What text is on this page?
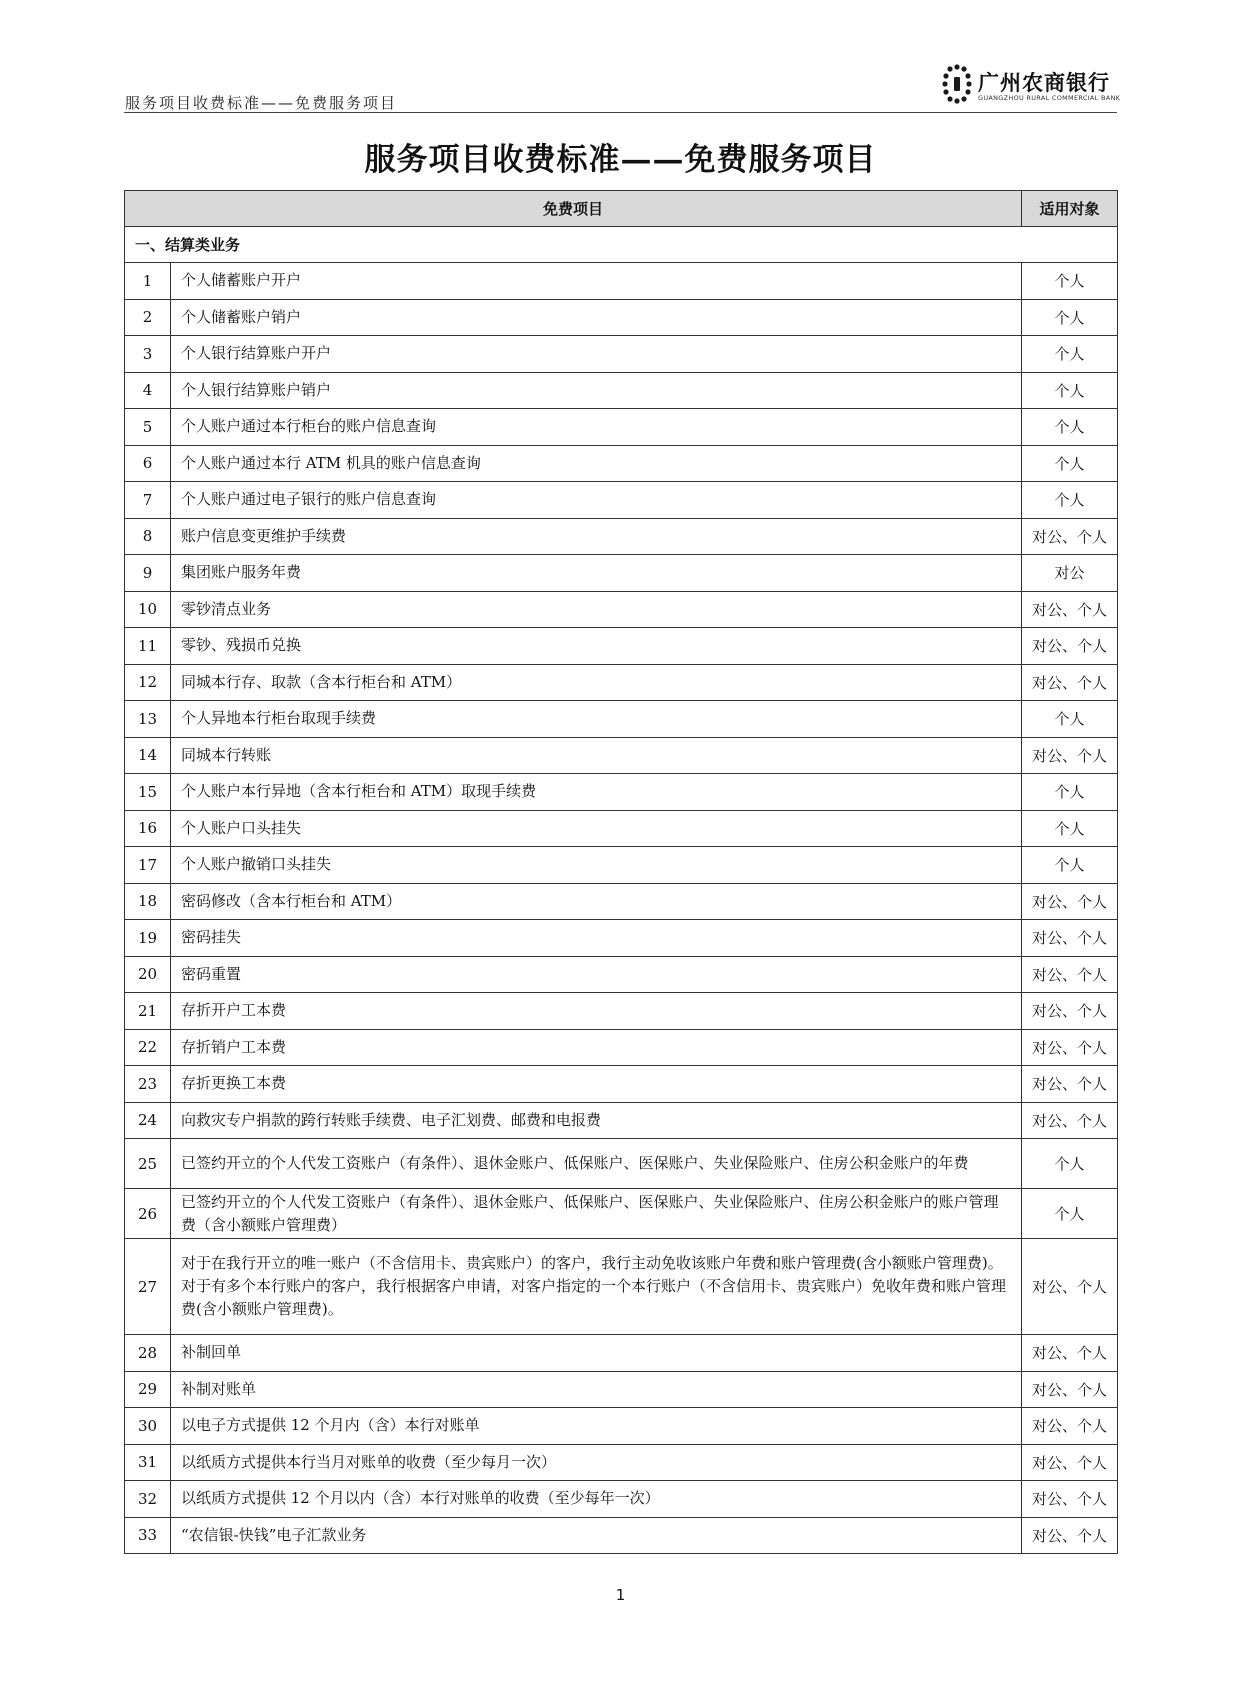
服务项目收费标准——免费服务项目
广州农商银行
GUANGZHOU RURAL COMMERCIAL BANK
服务项目收费标准——免费服务项目
免费项目		适用对象
一、结算类业务		
1	个人储蓄账户开户	个人
2	个人储蓄账户销户	个人
3	个人银行结算账户开户	个人
4	个人银行结算账户销户	个人
5	个人账户通过本行柜台的账户信息查询	个人
6	个人账户通过本行 ATM 机具的账户信息查询	个人
7	个人账户通过电子银行的账户信息查询	个人
8	账户信息变更维护手续费	对公、个人
9	集团账户服务年费	对公
10	零钞清点业务	对公、个人
11	零钞、残损币兑换	对公、个人
12	同城本行存、取款（含本行柜台和 ATM）	对公、个人
13	个人异地本行柜台取现手续费	个人
14	同城本行转账	对公、个人
15	个人账户本行异地（含本行柜台和 ATM）取现手续费	个人
16	个人账户口头挂失	个人
17	个人账户撤销口头挂失	个人
18	密码修改（含本行柜台和 ATM）	对公、个人
19	密码挂失	对公、个人
20	密码重置	对公、个人
21	存折开户工本费	对公、个人
22	存折销户工本费	对公、个人
23	存折更换工本费	对公、个人
24	向救灾专户捐款的跨行转账手续费、电子汇划费、邮费和电报费	对公、个人
25	已签约开立的个人代发工资账户（有条件）、退休金账户、低保账户、医保账户、失业保险账户、住房公积金账户的年费	个人
26	已签约开立的个人代发工资账户（有条件）、退休金账户、低保账户、医保账户、失业保险账户、住房公积金账户的账户管理费（含小额账户管理费）	个人
27	对于在我行开立的唯一账户（不含信用卡、贵宾账户）的客户，我行主动免收该账户年费和账户管理费(含小额账户管理费)。
对于有多个本行账户的客户，我行根据客户申请，对客户指定的一个本行账户（不含信用卡、贵宾账户）免收年费和账户管理费(含小额账户管理费)。	对公、个人
28	补制回单	对公、个人
29	补制对账单	对公、个人
30	以电子方式提供 12 个月内（含）本行对账单	对公、个人
31	以纸质方式提供本行当月对账单的收费（至少每月一次）	对公、个人
32	以纸质方式提供 12 个月以内（含）本行对账单的收费（至少每年一次）	对公、个人
33	“农信银-快钱”电子汇款业务	对公、个人
1
